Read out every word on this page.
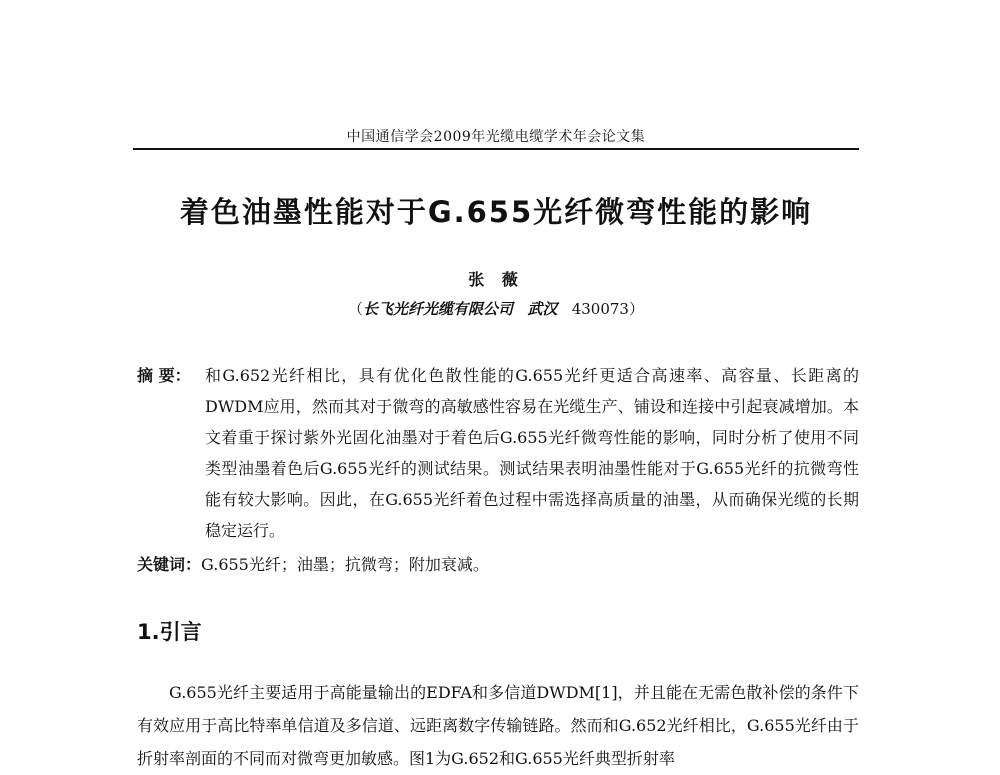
中国通信学会2009年光缆电缆学术年会论文集
着色油墨性能对于G.655光纤微弯性能的影响
张 薇
（长飞光纤光缆有限公司 武汉 430073）
摘 要： 和G.652光纤相比，具有优化色散性能的G.655光纤更适合高速率、高容量、长距离的DWDM应用，然而其对于微弯的高敏感性容易在光缆生产、铺设和连接中引起衰减增加。本文着重于探讨紫外光固化油墨对于着色后G.655光纤微弯性能的影响，同时分析了使用不同类型油墨着色后G.655光纤的测试结果。测试结果表明油墨性能对于G.655光纤的抗微弯性能有较大影响。因此，在G.655光纤着色过程中需选择高质量的油墨，从而确保光缆的长期稳定运行。
关键词：G.655光纤；油墨；抗微弯；附加衰减。
1.引言

G.655光纤主要适用于高能量输出的EDFA和多信道DWDM[1]，并且能在无需色散补偿的条件下有效应用于高比特率单信道及多信道、远距离数字传输链路。然而和G.652光纤相比，G.655光纤由于折射率剖面的不同而对微弯更加敏感。图1为G.652和G.655光纤典型折射率
